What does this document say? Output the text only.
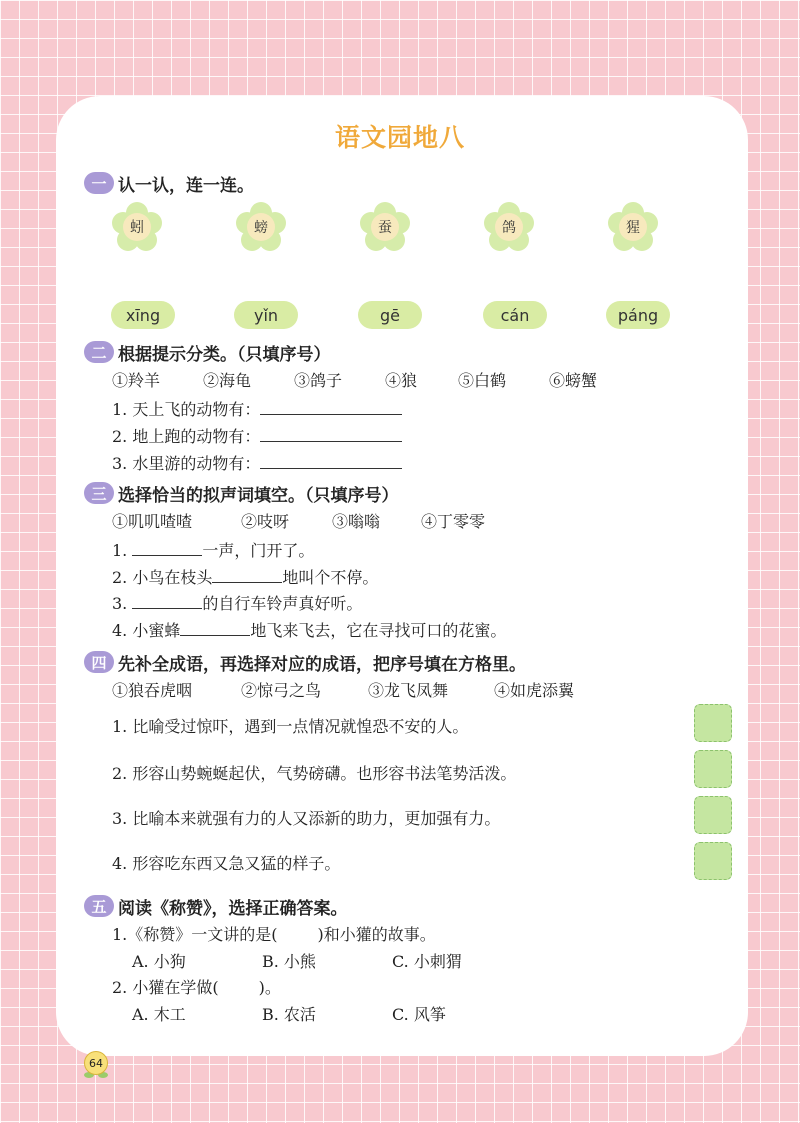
语文园地八
一 认一认，连一连。
蚓	螃	蚕	鸽	猩
xīng	yǐn	gē	cán	páng
二 根据提示分类。（只填序号）
①羚羊	②海龟	③鸽子	④狼	⑤白鹤	⑥螃蟹
1. 天上飞的动物有：
2. 地上跑的动物有：
3. 水里游的动物有：
三 选择恰当的拟声词填空。（只填序号）
①叽叽喳喳	②吱呀	③嗡嗡	④丁零零
1.	一声，门开了。
2. 小鸟在枝头	地叫个不停。
3.	的自行车铃声真好听。
4. 小蜜蜂	地飞来飞去，它在寻找可口的花蜜。
四 先补全成语，再选择对应的成语，把序号填在方格里。
①狼吞虎咽	②惊弓之鸟	③龙飞凤舞	④如虎添翼
1. 比喻受过惊吓，遇到一点情况就惶恐不安的人。
2. 形容山势蜿蜒起伏，气势磅礴。也形容书法笔势活泼。
3. 比喻本来就强有力的人又添新的助力，更加强有力。
4. 形容吃东西又急又猛的样子。
五 阅读《称赞》，选择正确答案。
1.《称赞》一文讲的是(	)和小獾的故事。
A. 小狗	B. 小熊	C. 小刺猬
2. 小獾在学做(	)。
A. 木工	B. 农活	C. 风筝
64
